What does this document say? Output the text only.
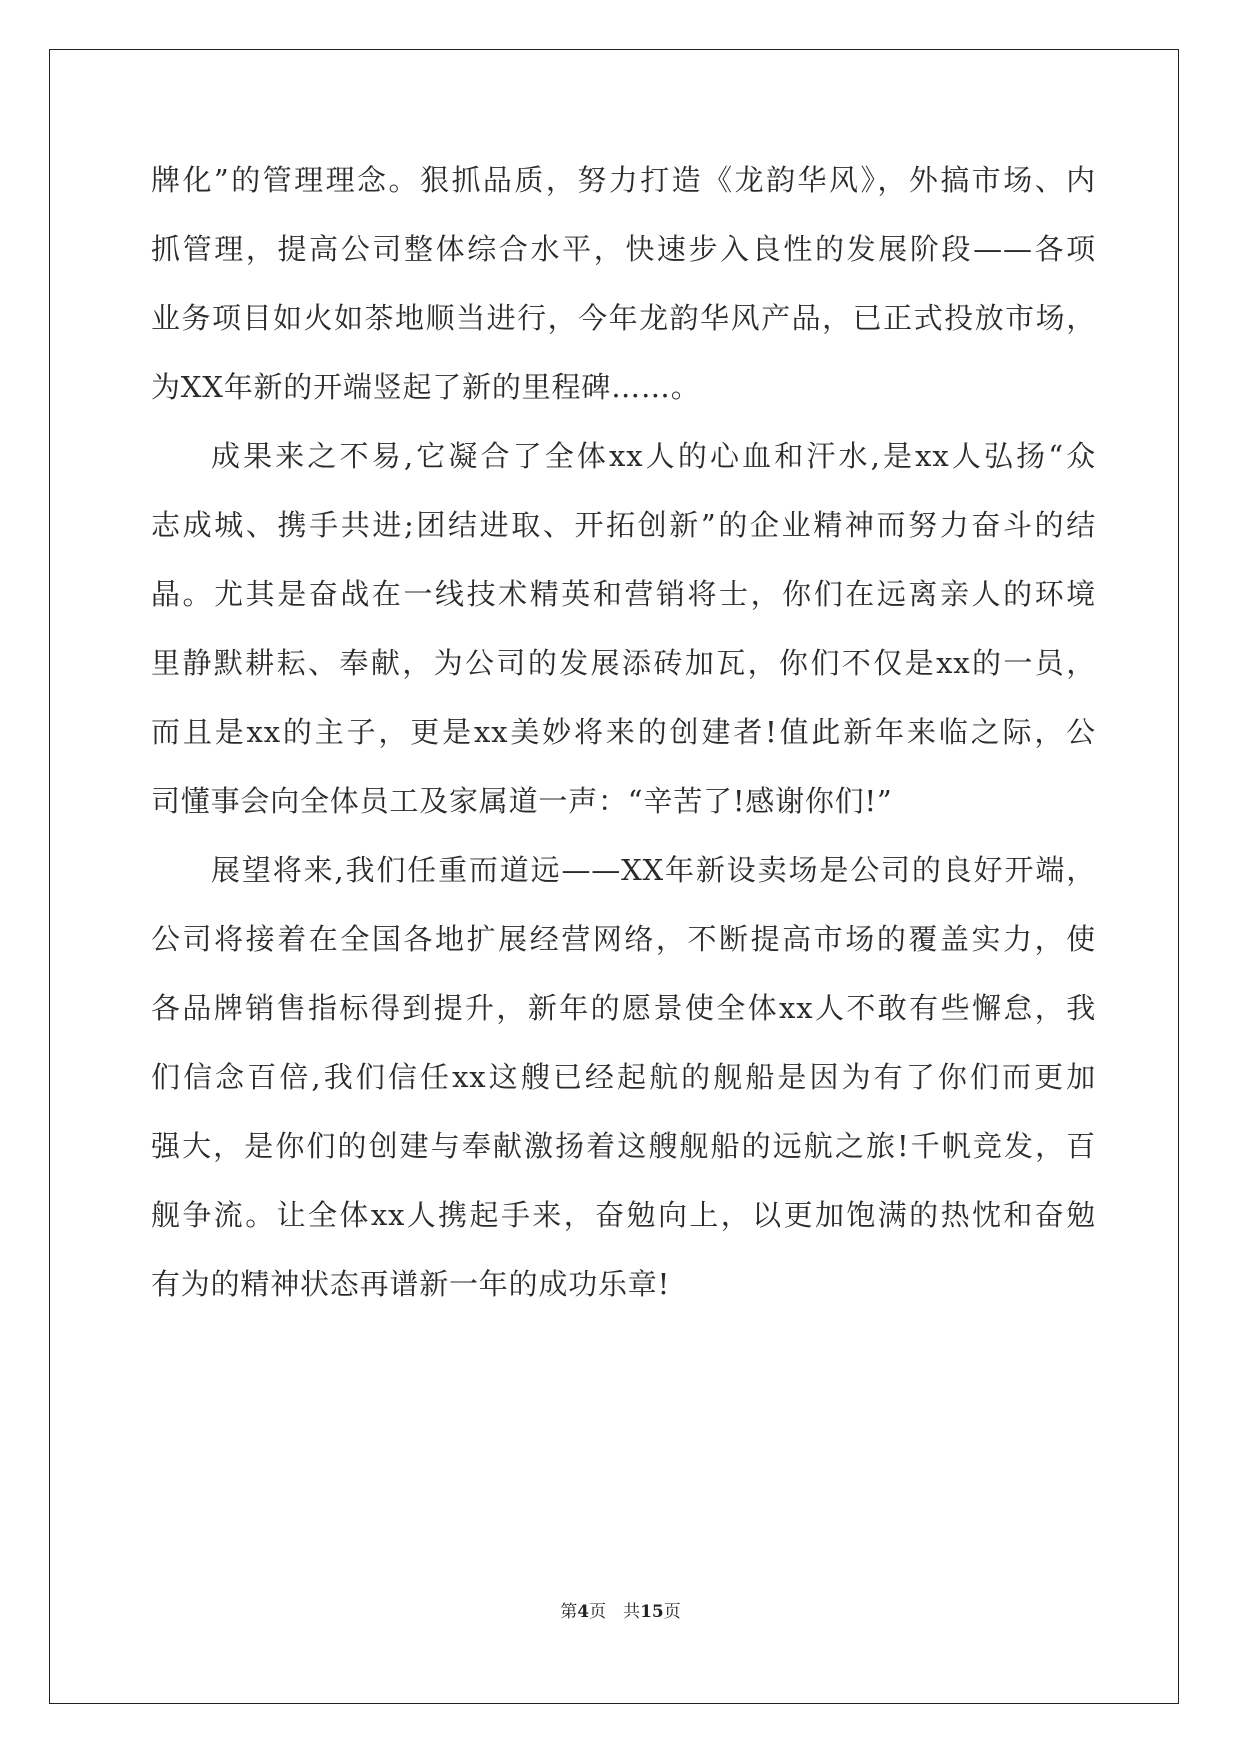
牌化”的管理理念。狠抓品质，努力打造《龙韵华风》，外搞市场、内
抓管理，提高公司整体综合水平，快速步入良性的发展阶段——各项
业务项目如火如茶地顺当进行，今年龙韵华风产品，已正式投放市场，
为XX年新的开端竖起了新的里程碑……。
成果来之不易,它凝合了全体xx人的心血和汗水,是xx人弘扬“众
志成城、携手共进;团结进取、开拓创新”的企业精神而努力奋斗的结
晶。尤其是奋战在一线技术精英和营销将士，你们在远离亲人的环境
里静默耕耘、奉献，为公司的发展添砖加瓦，你们不仅是xx的一员，
而且是xx的主子，更是xx美妙将来的创建者!值此新年来临之际，公
司懂事会向全体员工及家属道一声：“辛苦了!感谢你们!”
展望将来,我们任重而道远——XX年新设卖场是公司的良好开端，
公司将接着在全国各地扩展经营网络，不断提高市场的覆盖实力，使
各品牌销售指标得到提升，新年的愿景使全体xx人不敢有些懈怠，我
们信念百倍,我们信任xx这艘已经起航的舰船是因为有了你们而更加
强大，是你们的创建与奉献激扬着这艘舰船的远航之旅!千帆竞发，百
舰争流。让全体xx人携起手来，奋勉向上，以更加饱满的热忱和奋勉
有为的精神状态再谱新一年的成功乐章!
第4页　共15页
